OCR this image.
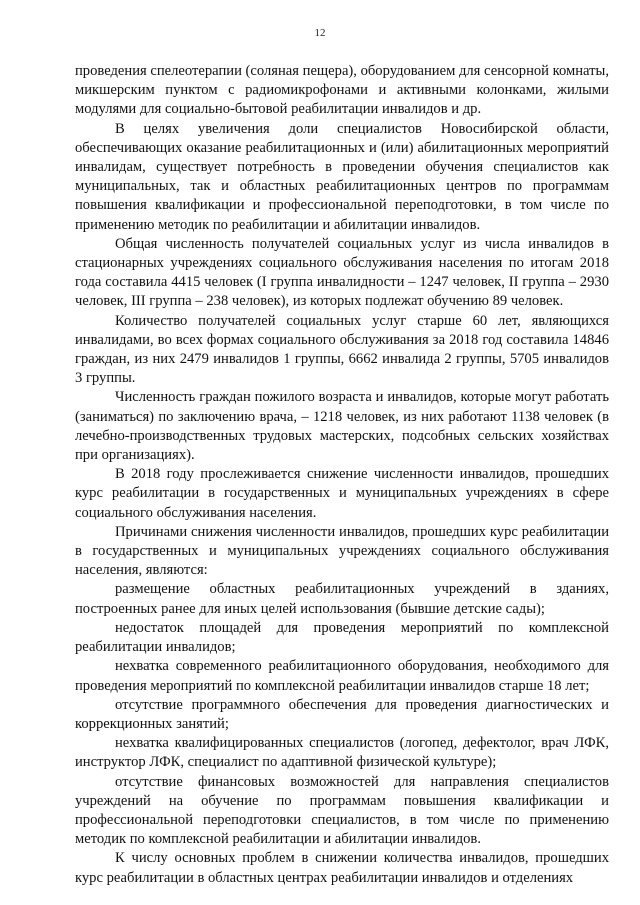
12

проведения спелеотерапии (соляная пещера), оборудованием для сенсорной комнаты, микшерским пунктом с радиомикрофонами и активными колонками, жилыми модулями для социально-бытовой реабилитации инвалидов и др.

В целях увеличения доли специалистов Новосибирской области, обеспечивающих оказание реабилитационных и (или) абилитационных мероприятий инвалидам, существует потребность в проведении обучения специалистов как муниципальных, так и областных реабилитационных центров по программам повышения квалификации и профессиональной переподготовки, в том числе по применению методик по реабилитации и абилитации инвалидов.

Общая численность получателей социальных услуг из числа инвалидов в стационарных учреждениях социального обслуживания населения по итогам 2018 года составила 4415 человек (I группа инвалидности – 1247 человек, II группа – 2930 человек, III группа – 238 человек), из которых подлежат обучению 89 человек.

Количество получателей социальных услуг старше 60 лет, являющихся инвалидами, во всех формах социального обслуживания за 2018 год составила 14846 граждан, из них 2479 инвалидов 1 группы, 6662 инвалида 2 группы, 5705 инвалидов 3 группы.

Численность граждан пожилого возраста и инвалидов, которые могут работать (заниматься) по заключению врача, – 1218 человек, из них работают 1138 человек (в лечебно-производственных трудовых мастерских, подсобных сельских хозяйствах при организациях).

В 2018 году прослеживается снижение численности инвалидов, прошедших курс реабилитации в государственных и муниципальных учреждениях в сфере социального обслуживания населения.

Причинами снижения численности инвалидов, прошедших курс реабилитации в государственных и муниципальных учреждениях социального обслуживания населения, являются:

размещение областных реабилитационных учреждений в зданиях, построенных ранее для иных целей использования (бывшие детские сады);

недостаток площадей для проведения мероприятий по комплексной реабилитации инвалидов;

нехватка современного реабилитационного оборудования, необходимого для проведения мероприятий по комплексной реабилитации инвалидов старше 18 лет;

отсутствие программного обеспечения для проведения диагностических и коррекционных занятий;

нехватка квалифицированных специалистов (логопед, дефектолог, врач ЛФК, инструктор ЛФК, специалист по адаптивной физической культуре);

отсутствие финансовых возможностей для направления специалистов учреждений на обучение по программам повышения квалификации и профессиональной переподготовки специалистов, в том числе по применению методик по комплексной реабилитации и абилитации инвалидов.

К числу основных проблем в снижении количества инвалидов, прошедших курс реабилитации в областных центрах реабилитации инвалидов и отделениях
